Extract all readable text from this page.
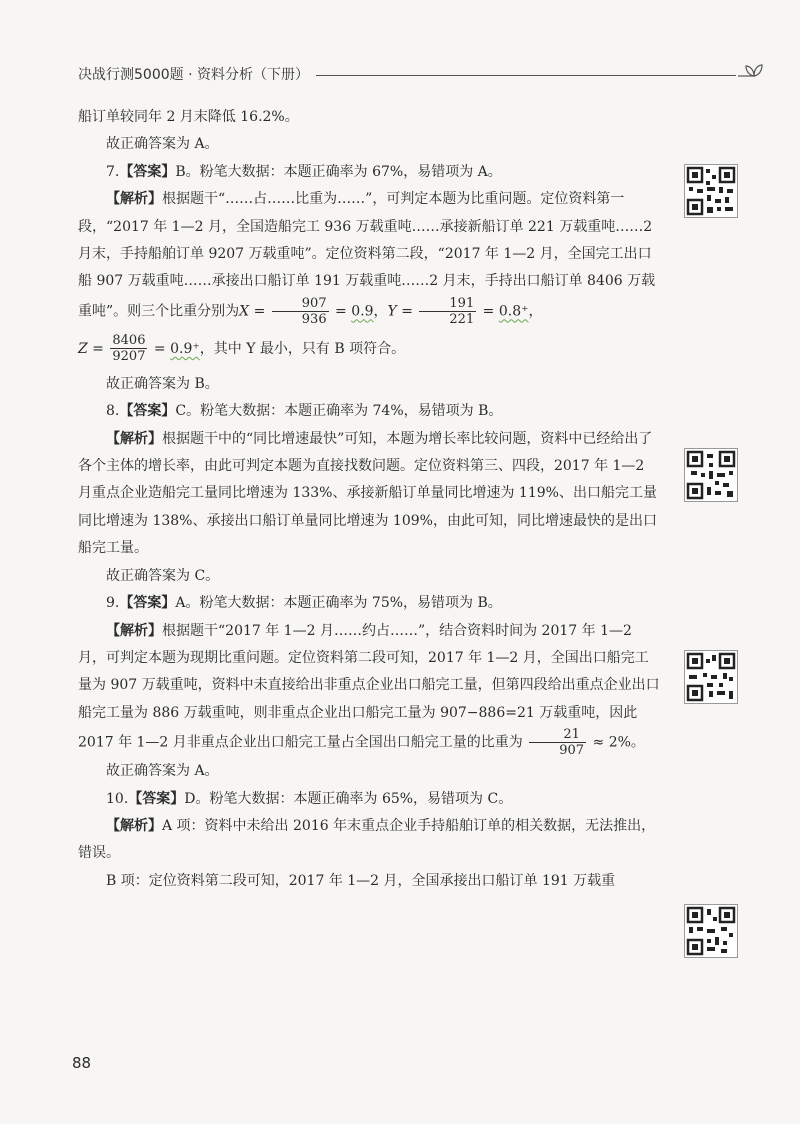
决战行测5000题 · 资料分析（下册）

船订单较同年 2 月末降低 16.2%。

故正确答案为 A。

7.【答案】B。粉笔大数据：本题正确率为 67%，易错项为 A。

【解析】根据题干“……占……比重为……”，可判定本题为比重问题。定位资料第一段，“2017 年 1—2 月，全国造船完工 936 万载重吨……承接新船订单 221 万载重吨……2 月末，手持船舶订单 9207 万载重吨”。定位资料第二段，“2017 年 1—2 月，全国完工出口船 907 万载重吨……承接出口船订单 191 万载重吨……2 月末，手持出口船订单 8406 万载重吨”。则三个比重分别为$X = \frac{907}{936} = 0.9$，$Y = \frac{191}{221} = 0.8^+$，

$Z = \frac{8406}{9207} = 0.9^+$，其中 Y 最小，只有 B 项符合。

故正确答案为 B。

8.【答案】C。粉笔大数据：本题正确率为 74%，易错项为 B。

【解析】根据题干中的“同比增速最快”可知，本题为增长率比较问题，资料中已经给出了各个主体的增长率，由此可判定本题为直接找数问题。定位资料第三、四段，2017 年 1—2 月重点企业造船完工量同比增速为 133%、承接新船订单量同比增速为 119%、出口船完工量同比增速为 138%、承接出口船订单量同比增速为 109%，由此可知，同比增速最快的是出口船完工量。

故正确答案为 C。

9.【答案】A。粉笔大数据：本题正确率为 75%，易错项为 B。

【解析】根据题干“2017 年 1—2 月……约占……”，结合资料时间为 2017 年 1—2 月，可判定本题为现期比重问题。定位资料第二段可知，2017 年 1—2 月，全国出口船完工量为 907 万载重吨，资料中未直接给出非重点企业出口船完工量，但第四段给出重点企业出口船完工量为 886 万载重吨，则非重点企业出口船完工量为 907−886=21 万载重吨，因此 2017 年 1—2 月非重点企业出口船完工量占全国出口船完工量的比重为 $\frac{21}{907} \approx 2\%$。

故正确答案为 A。

10.【答案】D。粉笔大数据：本题正确率为 65%，易错项为 C。

【解析】A 项：资料中未给出 2016 年末重点企业手持船舶订单的相关数据，无法推出，错误。

B 项：定位资料第二段可知，2017 年 1—2 月，全国承接出口船订单 191 万载重

88
